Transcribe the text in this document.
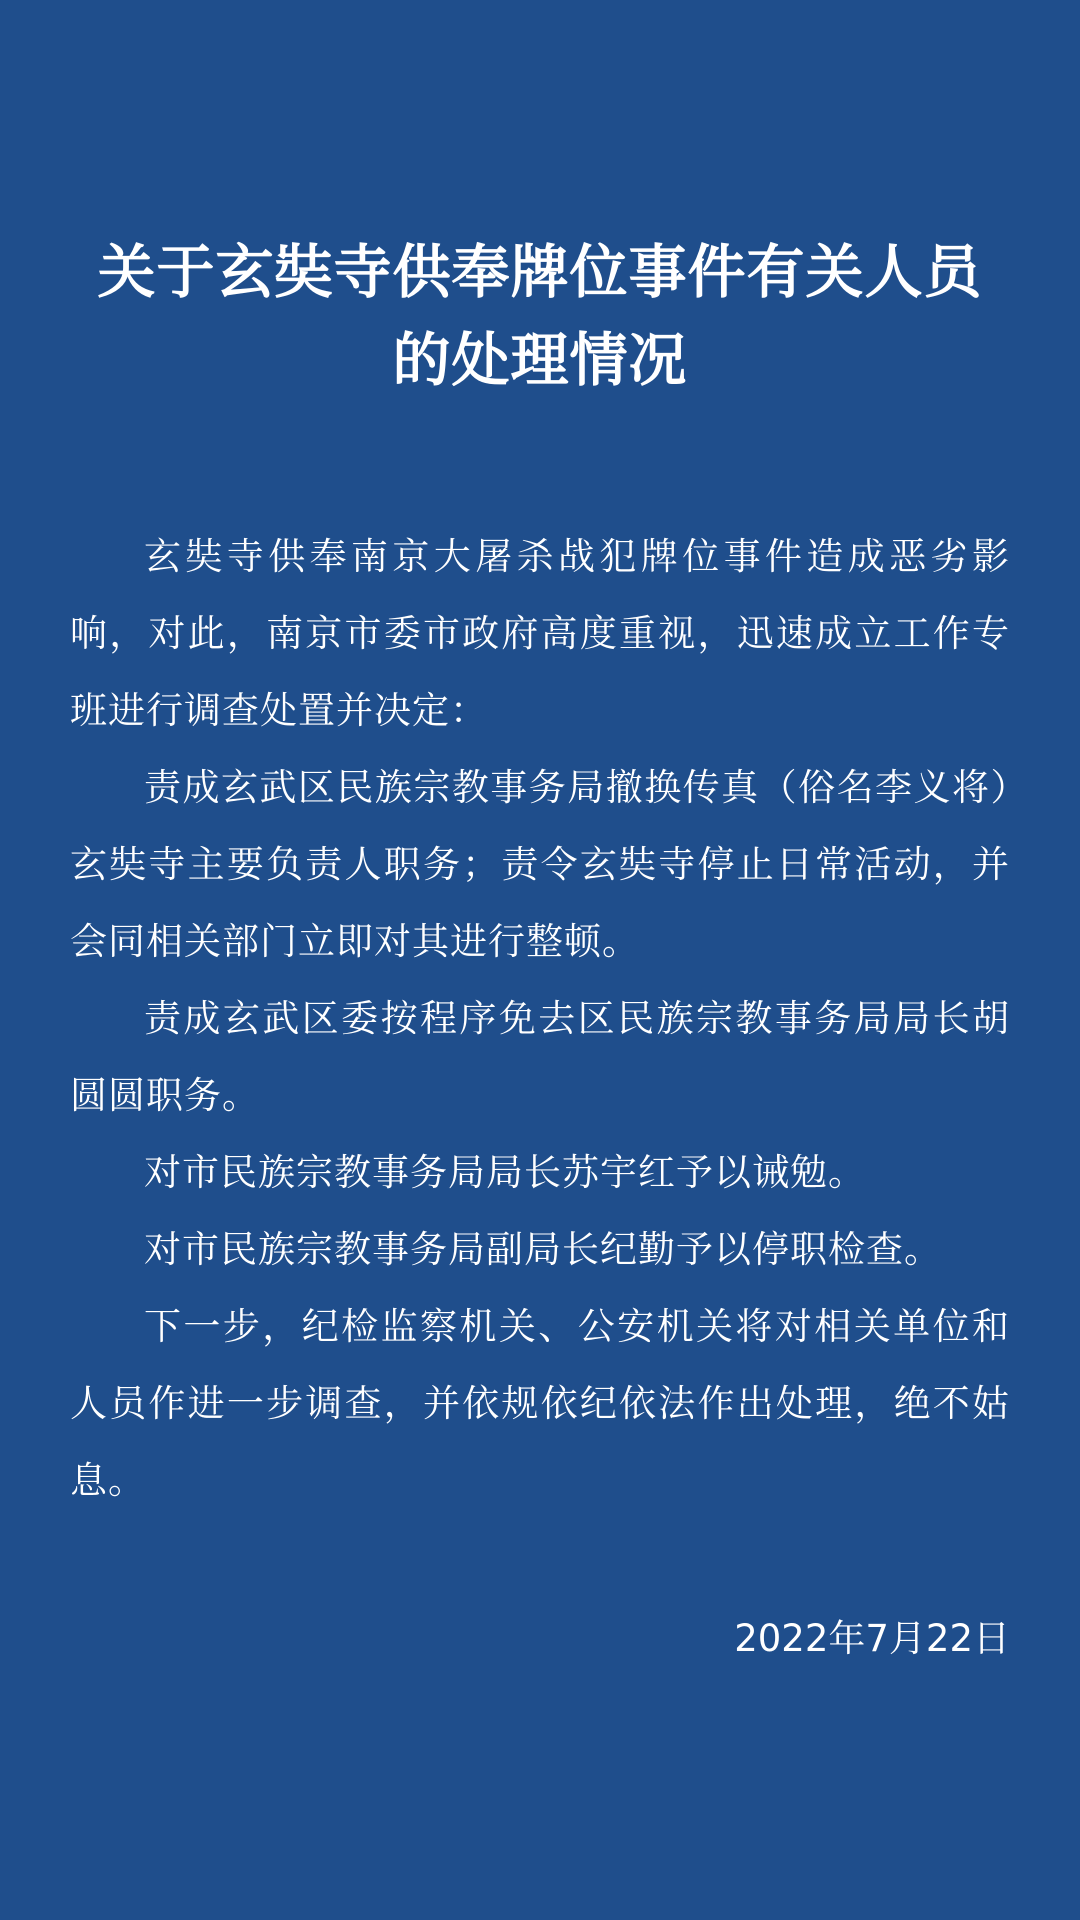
关于玄奘寺供奉牌位事件有关人员
的处理情况

玄奘寺供奉南京大屠杀战犯牌位事件造成恶劣影响，对此，南京市委市政府高度重视，迅速成立工作专班进行调查处置并决定：

责成玄武区民族宗教事务局撤换传真（俗名李义将）玄奘寺主要负责人职务；责令玄奘寺停止日常活动，并会同相关部门立即对其进行整顿。

责成玄武区委按程序免去区民族宗教事务局局长胡圆圆职务。

对市民族宗教事务局局长苏宇红予以诫勉。

对市民族宗教事务局副局长纪勤予以停职检查。

下一步，纪检监察机关、公安机关将对相关单位和人员作进一步调查，并依规依纪依法作出处理，绝不姑息。

2022年7月22日
